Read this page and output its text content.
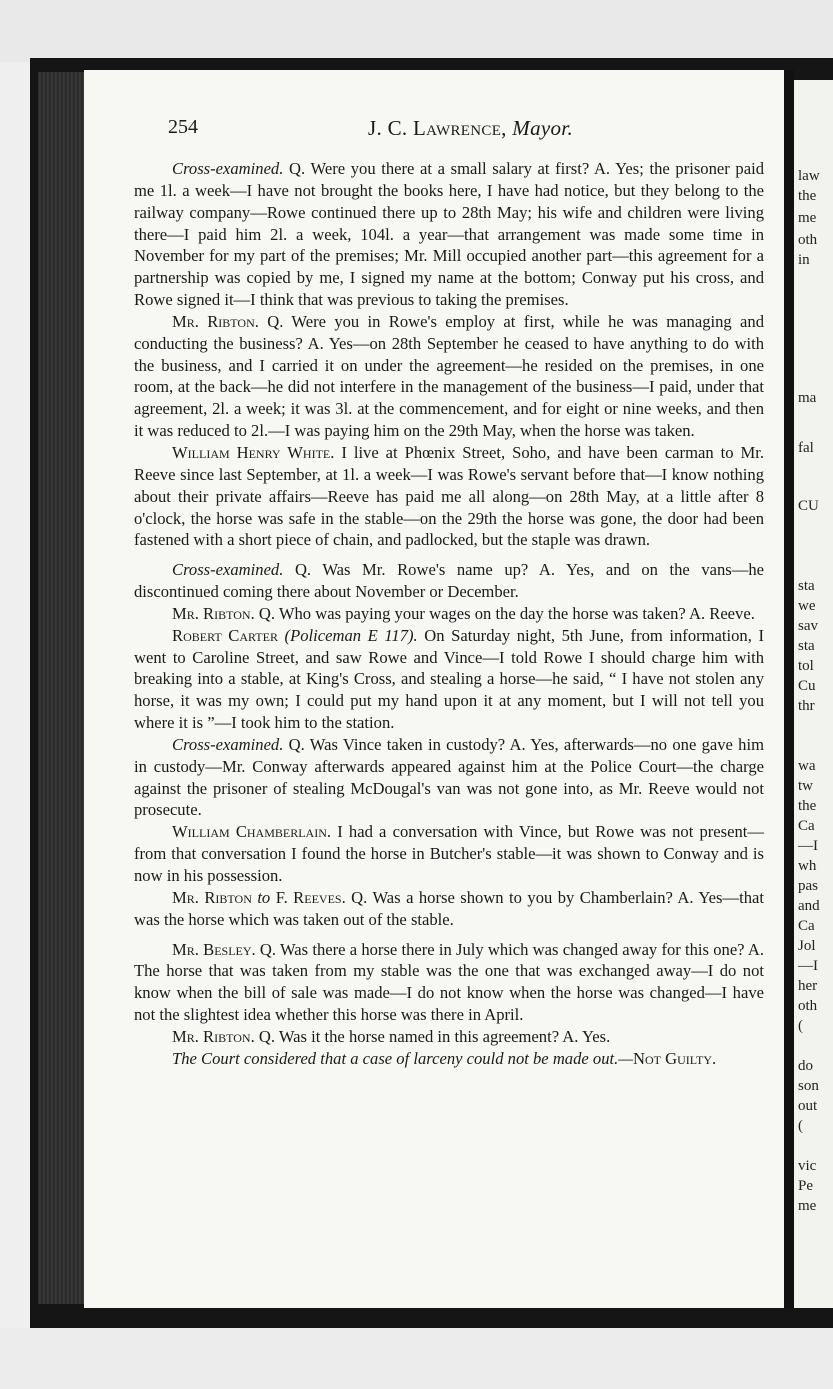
law
the
me
oth
in
ma
fal
CU
sta
we
sav
sta
tol
Cu
thr
wa
tw
the
Ca
—I
wh
pas
and
Ca
Jol
—I
her
oth
(
do
son
out
(
vic
Pe
me
254	J. C. Lawrence, Mayor.

Cross-examined. Q. Were you there at a small salary at first? A. Yes; the prisoner paid me 1l. a week—I have not brought the books here, I have had notice, but they belong to the railway company—Rowe continued there up to 28th May; his wife and children were living there—I paid him 2l. a week, 104l. a year—that arrangement was made some time in November for my part of the premises; Mr. Mill occupied another part—this agreement for a partnership was copied by me, I signed my name at the bottom; Conway put his cross, and Rowe signed it—I think that was previous to taking the premises.

Mr. Ribton. Q. Were you in Rowe's employ at first, while he was managing and conducting the business? A. Yes—on 28th September he ceased to have anything to do with the business, and I carried it on under the agreement—he resided on the premises, in one room, at the back—he did not interfere in the management of the business—I paid, under that agreement, 2l. a week; it was 3l. at the commencement, and for eight or nine weeks, and then it was reduced to 2l.—I was paying him on the 29th May, when the horse was taken.

William Henry White. I live at Phœnix Street, Soho, and have been carman to Mr. Reeve since last September, at 1l. a week—I was Rowe's servant before that—I know nothing about their private affairs—Reeve has paid me all along—on 28th May, at a little after 8 o'clock, the horse was safe in the stable—on the 29th the horse was gone, the door had been fastened with a short piece of chain, and padlocked, but the staple was drawn.

Cross-examined. Q. Was Mr. Rowe's name up? A. Yes, and on the vans—he discontinued coming there about November or December.

Mr. Ribton. Q. Who was paying your wages on the day the horse was taken? A. Reeve.

Robert Carter (Policeman E 117). On Saturday night, 5th June, from information, I went to Caroline Street, and saw Rowe and Vince—I told Rowe I should charge him with breaking into a stable, at King's Cross, and stealing a horse—he said, “ I have not stolen any horse, it was my own; I could put my hand upon it at any moment, but I will not tell you where it is ”—I took him to the station.

Cross-examined. Q. Was Vince taken in custody? A. Yes, afterwards—no one gave him in custody—Mr. Conway afterwards appeared against him at the Police Court—the charge against the prisoner of stealing McDougal's van was not gone into, as Mr. Reeve would not prosecute.

William Chamberlain. I had a conversation with Vince, but Rowe was not present—from that conversation I found the horse in Butcher's stable—it was shown to Conway and is now in his possession.

Mr. Ribton to F. Reeves. Q. Was a horse shown to you by Chamberlain? A. Yes—that was the horse which was taken out of the stable.

Mr. Besley. Q. Was there a horse there in July which was changed away for this one? A. The horse that was taken from my stable was the one that was exchanged away—I do not know when the bill of sale was made—I do not know when the horse was changed—I have not the slightest idea whether this horse was there in April.

Mr. Ribton. Q. Was it the horse named in this agreement? A. Yes.

The Court considered that a case of larceny could not be made out.—Not Guilty.
